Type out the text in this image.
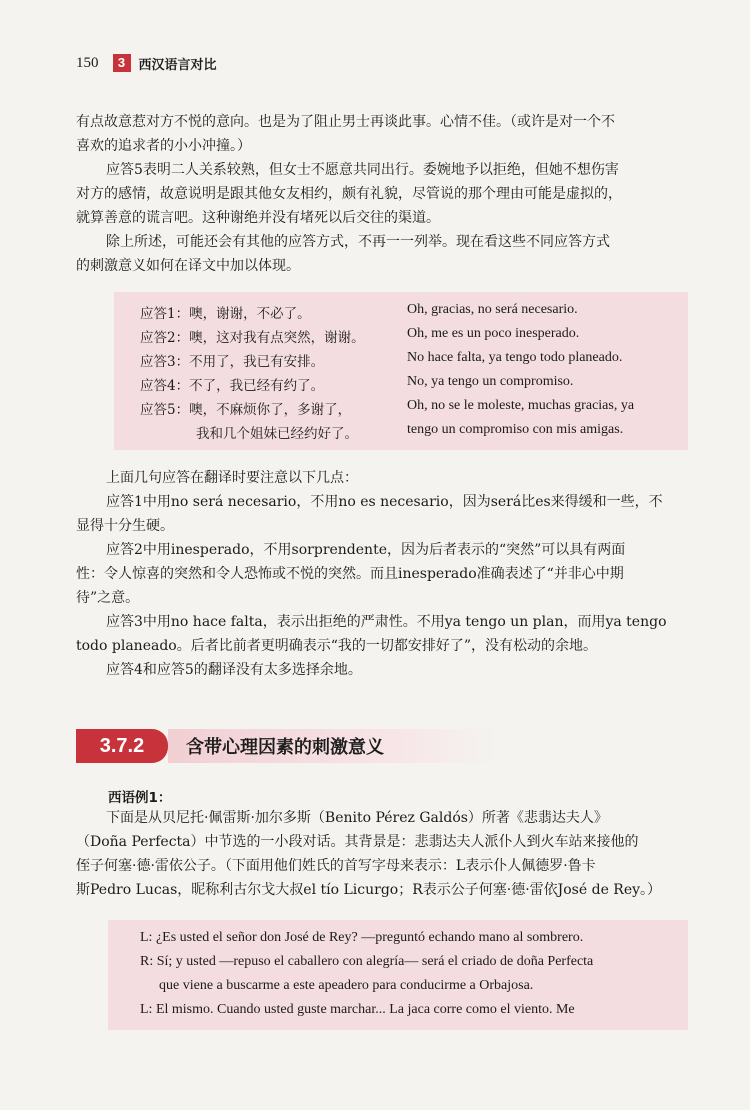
150	3	西汉语言对比
有点故意惹对方不悦的意向。也是为了阻止男士再谈此事。心情不佳。（或许是对一个不
喜欢的追求者的小小冲撞。）
应答5表明二人关系较熟，但女士不愿意共同出行。委婉地予以拒绝，但她不想伤害
对方的感情，故意说明是跟其他女友相约，颇有礼貌，尽管说的那个理由可能是虚拟的，
就算善意的谎言吧。这种谢绝并没有堵死以后交往的渠道。
除上所述，可能还会有其他的应答方式，不再一一列举。现在看这些不同应答方式
的刺激意义如何在译文中加以体现。
应答1：噢，谢谢，不必了。	Oh, gracias, no será necesario.
应答2：噢，这对我有点突然，谢谢。	Oh, me es un poco inesperado.
应答3：不用了，我已有安排。	No hace falta, ya tengo todo planeado.
应答4：不了，我已经有约了。	No, ya tengo un compromiso.
应答5：噢，不麻烦你了，多谢了，	Oh, no se le moleste, muchas gracias, ya
我和几个姐妹已经约好了。	tengo un compromiso con mis amigas.
上面几句应答在翻译时要注意以下几点：
应答1中用no será necesario，不用no es necesario，因为será比es来得缓和一些，不
显得十分生硬。
应答2中用inesperado，不用sorprendente，因为后者表示的“突然”可以具有两面
性：令人惊喜的突然和令人恐怖或不悦的突然。而且inesperado准确表述了“并非心中期
待”之意。
应答3中用no hace falta，表示出拒绝的严肃性。不用ya tengo un plan，而用ya tengo
todo planeado。后者比前者更明确表示“我的一切都安排好了”，没有松动的余地。
应答4和应答5的翻译没有太多选择余地。
3.7.2	含带心理因素的刺激意义
西语例1：
下面是从贝尼托·佩雷斯·加尔多斯（Benito Pérez Galdós）所著《悲翡达夫人》
（Doña Perfecta）中节选的一小段对话。其背景是：悲翡达夫人派仆人到火车站来接他的
侄子何塞·德·雷依公子。（下面用他们姓氏的首写字母来表示：L表示仆人佩德罗·鲁卡
斯Pedro Lucas，昵称利古尔戈大叔el tío Licurgo；R表示公子何塞·德·雷依José de Rey。）
L: ¿Es usted el señor don José de Rey? —preguntó echando mano al sombrero.
R: Sí; y usted —repuso el caballero con alegría— será el criado de doña Perfecta
que viene a buscarme a este apeadero para conducirme a Orbajosa.
L: El mismo. Cuando usted guste marchar... La jaca corre como el viento. Me
